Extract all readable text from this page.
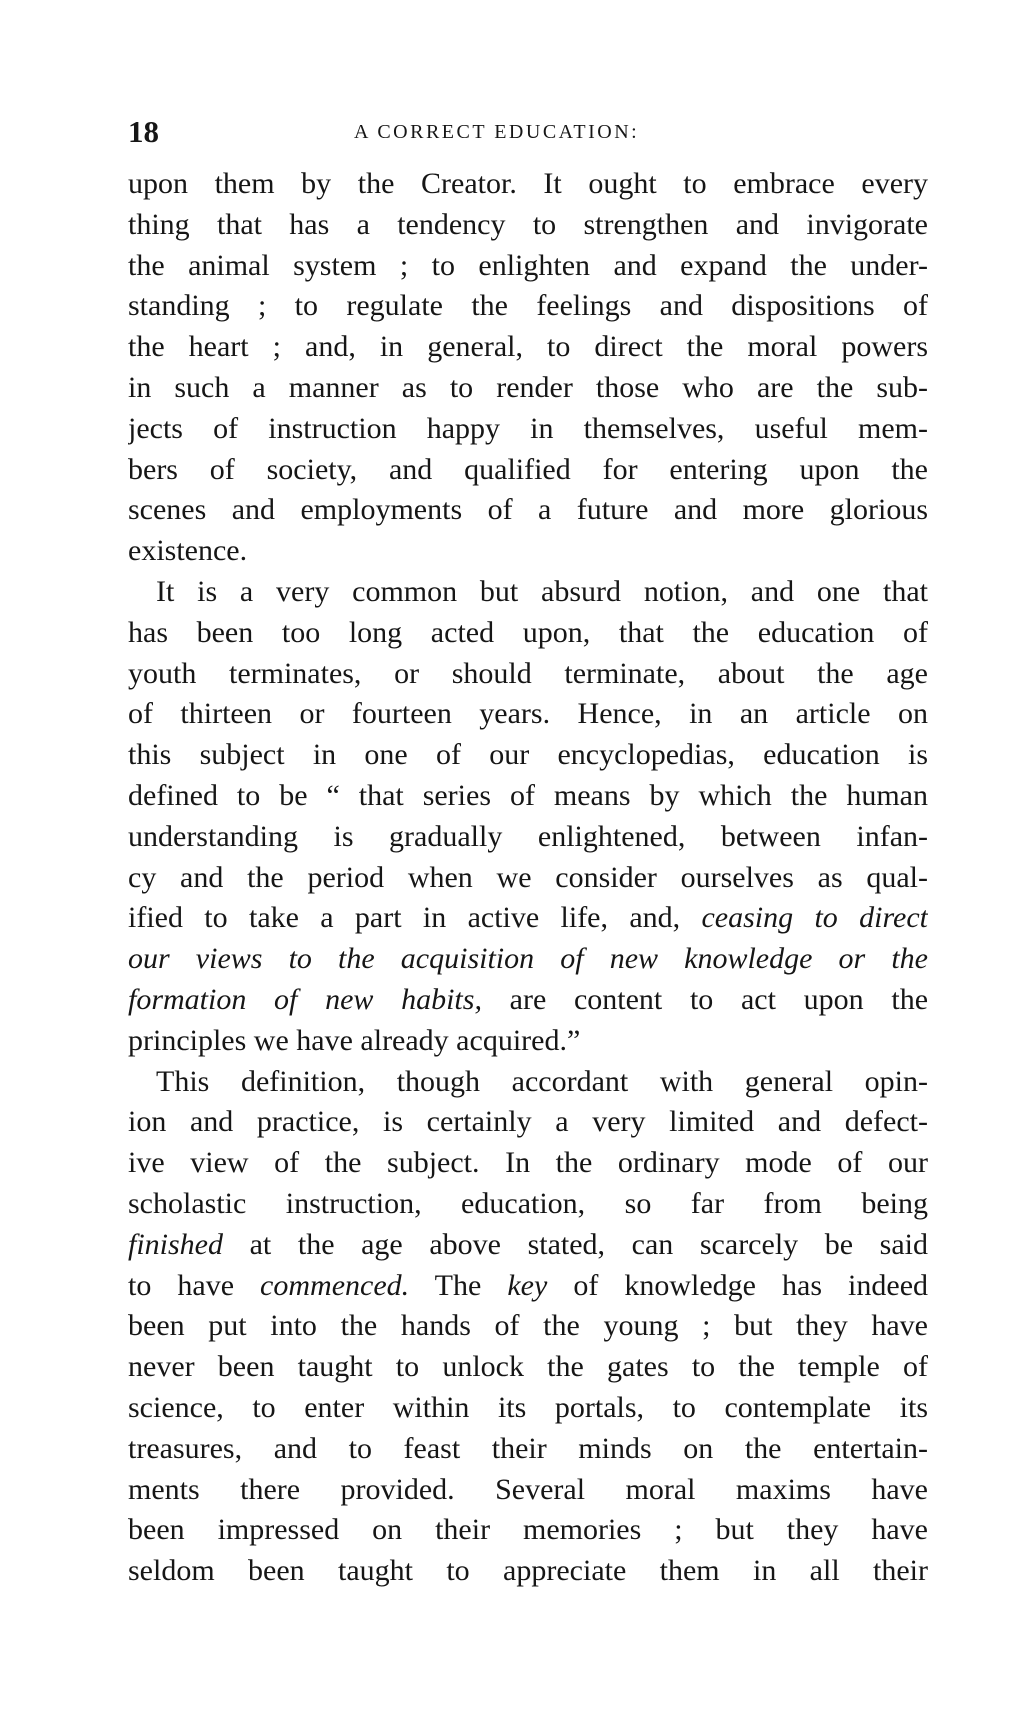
18	A CORRECT EDUCATION:
upon them by the Creator. It ought to embrace every
thing that has a tendency to strengthen and invigorate
the animal system ; to enlighten and expand the under-
standing ; to regulate the feelings and dispositions of
the heart ; and, in general, to direct the moral powers
in such a manner as to render those who are the sub-
jects of instruction happy in themselves, useful mem-
bers of society, and qualified for entering upon the
scenes and employments of a future and more glorious
existence.
It is a very common but absurd notion, and one that
has been too long acted upon, that the education of
youth terminates, or should terminate, about the age
of thirteen or fourteen years. Hence, in an article on
this subject in one of our encyclopedias, education is
defined to be “ that series of means by which the human
understanding is gradually enlightened, between infan-
cy and the period when we consider ourselves as qual-
ified to take a part in active life, and, ceasing to direct
our views to the acquisition of new knowledge or the
formation of new habits, are content to act upon the
principles we have already acquired.”
This definition, though accordant with general opin-
ion and practice, is certainly a very limited and defect-
ive view of the subject. In the ordinary mode of our
scholastic instruction, education, so far from being
finished at the age above stated, can scarcely be said
to have commenced. The key of knowledge has indeed
been put into the hands of the young ; but they have
never been taught to unlock the gates to the temple of
science, to enter within its portals, to contemplate its
treasures, and to feast their minds on the entertain-
ments there provided. Several moral maxims have
been impressed on their memories ; but they have
seldom been taught to appreciate them in all their
